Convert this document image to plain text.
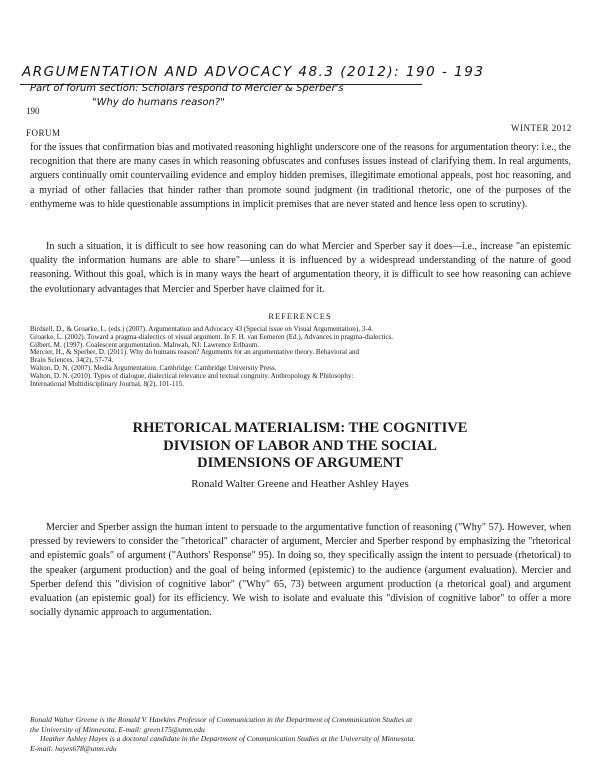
ARGUMENTATION AND ADVOCACY 48.3 (2012): 190 - 193
Part of forum section: Scholars respond to Mercier & Sperber's
"Why do humans reason?"
190
FORUM	WINTER 2012

for the issues that confirmation bias and motivated reasoning highlight underscore one of the reasons for argumentation theory: i.e., the recognition that there are many cases in which reasoning obfuscates and confuses issues instead of clarifying them. In real arguments, arguers continually omit countervailing evidence and employ hidden premises, illegitimate emotional appeals, post hoc reasoning, and a myriad of other fallacies that hinder rather than promote sound judgment (in traditional rhetoric, one of the purposes of the enthymeme was to hide questionable assumptions in implicit premises that are never stated and hence less open to scrutiny).

In such a situation, it is difficult to see how reasoning can do what Mercier and Sperber say it does—i.e., increase "an epistemic quality the information humans are able to share"—unless it is influenced by a widespread understanding of the nature of good reasoning. Without this goal, which is in many ways the heart of argumentation theory, it is difficult to see how reasoning can achieve the evolutionary advantages that Mercier and Sperber have claimed for it.

REFERENCES
Birdsell, D., & Groarke, L. (eds.) (2007). Argumentation and Advocacy 43 (Special issue on Visual Argumentation), 3-4.
Groarke, L. (2002). Toward a pragma-dialectics of visual argument. In F. H. van Eemeren (Ed.), Advances in pragma-dialectics.
Gilbert, M. (1997). Coalescent argumentation. Mahwah, NJ: Lawrence Erlbaum.
Mercier, H., & Sperber, D. (2011). Why do humans reason? Arguments for an argumentative theory. Behavioral and
Brain Sciences, 34(2), 57-74.
Walton, D. N. (2007). Media Argumentation. Cambridge: Cambridge University Press.
Walton, D. N. (2010). Types of dialogue, dialectical relevance and textual congruity. Anthropology & Philosophy:
International Multidisciplinary Journal, 8(2), 101-115.
RHETORICAL MATERIALISM: THE COGNITIVE
DIVISION OF LABOR AND THE SOCIAL
DIMENSIONS OF ARGUMENT
Ronald Walter Greene and Heather Ashley Hayes

Mercier and Sperber assign the human intent to persuade to the argumentative function of reasoning ("Why" 57). However, when pressed by reviewers to consider the "rhetorical" character of argument, Mercier and Sperber respond by emphasizing the "rhetorical and epistemic goals" of argument ("Authors' Response" 95). In doing so, they specifically assign the intent to persuade (rhetorical) to the speaker (argument production) and the goal of being informed (epistemic) to the audience (argument evaluation). Mercier and Sperber defend this "division of cognitive labor" ("Why" 65, 73) between argument production (a rhetorical goal) and argument evaluation (an epistemic goal) for its efficiency. We wish to isolate and evaluate this "division of cognitive labor" to offer a more socially dynamic approach to argumentation.

Ronald Walter Greene is the Ronald V. Hawkins Professor of Communication in the Department of Communication Studies at
the University of Minnesota. E-mail: green175@umn.edu
Heather Ashley Hayes is a doctoral candidate in the Department of Communication Studies at the University of Minnesota.
E-mail: hayes678@umn.edu
